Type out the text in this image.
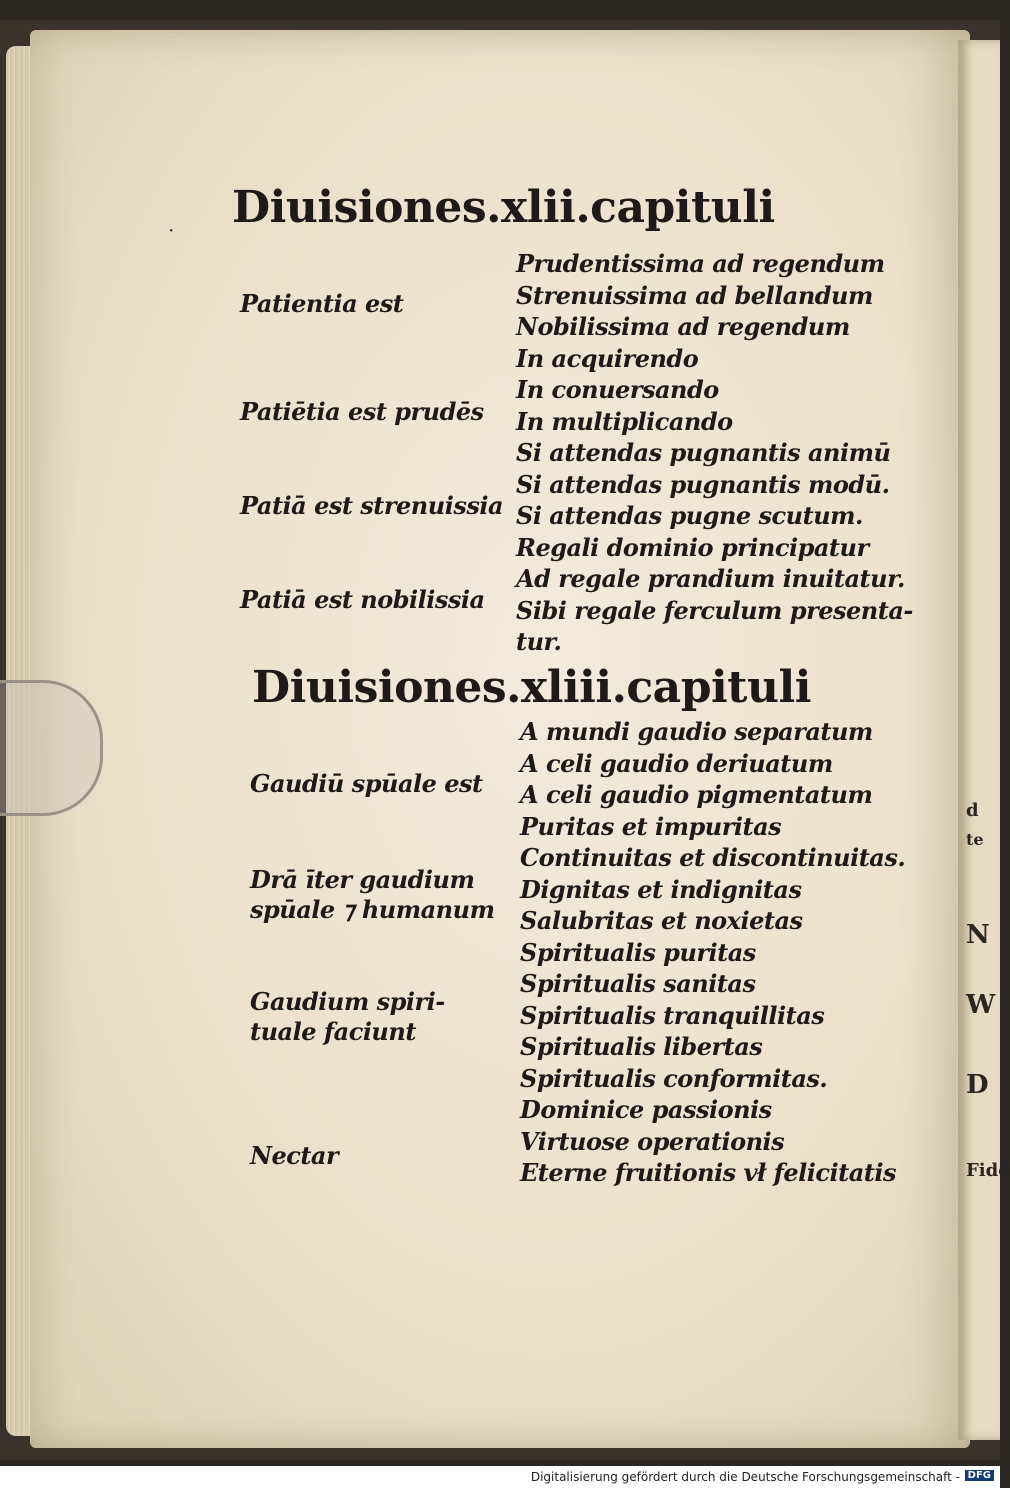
d
te
N
W
D
Fide
· Diuisiones.xlii.capituli
Patientia est
Patiētia est prudēs
Patiā est strenuissia
Patiā est nobilissia
Prudentissima ad regendum
Strenuissima ad bellandum
Nobilissima ad regendum
In acquirendo
In conuersando
In multiplicando
Si attendas pugnantis animū
Si attendas pugnantis modū.
Si attendas pugne scutum.
Regali dominio principatur
Ad regale prandium inuitatur.
Sibi regale ferculum presenta-
tur.
Diuisiones.xliii.capituli
Gaudiū spūale est
Drā īter gaudium
spūale ⁊ humanum
Gaudium spiri-
tuale faciunt
Nectar
A mundi gaudio separatum
A celi gaudio deriuatum
A celi gaudio pigmentatum
Puritas et impuritas
Continuitas et discontinuitas.
Dignitas et indignitas
Salubritas et noxietas
Spiritualis puritas
Spiritualis sanitas
Spiritualis tranquillitas
Spiritualis libertas
Spiritualis conformitas.
Dominice passionis
Virtuose operationis
Eterne fruitionis vł felicitatis
Digitalisierung gefördert durch die Deutsche Forschungsgemeinschaft - DFG
